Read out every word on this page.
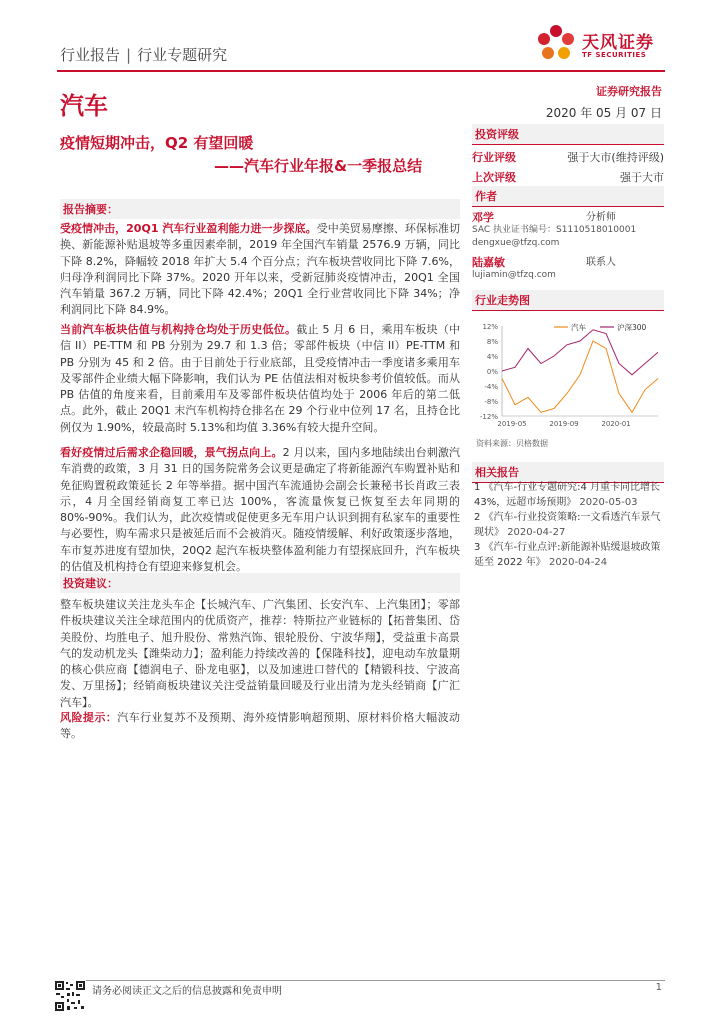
行业报告 | 行业专题研究
天风证券
TF SECURITIES
汽车
证券研究报告
2020 年 05 月 07 日
疫情短期冲击，Q2 有望回暖
——汽车行业年报&一季报总结
投资评级
行业评级	强于大市(维持评级)
上次评级	强于大市
作者
邓学	分析师
SAC 执业证书编号：S1110518010001
dengxue@tfzq.com
陆嘉敏	联系人
lujiamin@tfzq.com
行业走势图
12%
8%
4%
0%
-4%
-8%
-12%
2019-05	2019-09	2020-01
汽车	沪深300
资料来源：贝格数据
相关报告
1 《汽车-行业专题研究:4 月重卡同比增长 43%，远超市场预期》 2020-05-03
2 《汽车-行业投资策略:一文看透汽车景气现状》 2020-04-27
3 《汽车-行业点评:新能源补贴缓退坡政策延至 2022 年》 2020-04-24
报告摘要：
受疫情冲击，20Q1 汽车行业盈利能力进一步探底。受中美贸易摩擦、环保标准切换、新能源补贴退坡等多重因素牵制，2019 年全国汽车销量 2576.9 万辆，同比下降 8.2%，降幅较 2018 年扩大 5.4 个百分点；汽车板块营收同比下降 7.6%，归母净利润同比下降 37%。2020 开年以来，受新冠肺炎疫情冲击，20Q1 全国汽车销量 367.2 万辆，同比下降 42.4%；20Q1 全行业营收同比下降 34%；净利润同比下降 84.9%。
当前汽车板块估值与机构持仓均处于历史低位。截止 5 月 6 日，乘用车板块（中信 II）PE-TTM 和 PB 分别为 29.7 和 1.3 倍；零部件板块（中信 II）PE-TTM 和 PB 分别为 45 和 2 倍。由于目前处于行业底部，且受疫情冲击一季度诸多乘用车及零部件企业绩大幅下降影响，我们认为 PE 估值法相对板块参考价值较低。而从 PB 估值的角度来看，目前乘用车及零部件板块估值均处于 2006 年后的第二低点。此外，截止 20Q1 末汽车机构持仓排名在 29 个行业中位列 17 名，且持仓比例仅为 1.90%，较最高时 5.13%和均值 3.36%有较大提升空间。
看好疫情过后需求企稳回暖，景气拐点向上。2 月以来，国内多地陆续出台刺激汽车消费的政策，3 月 31 日的国务院常务会议更是确定了将新能源汽车购置补贴和免征购置税政策延长 2 年等举措。据中国汽车流通协会副会长兼秘书长肖政三表示，4 月全国经销商复工率已达 100%，客流量恢复已恢复至去年同期的 80%-90%。我们认为，此次疫情或促使更多无车用户认识到拥有私家车的重要性与必要性，购车需求只是被延后而不会被消灭。随疫情缓解、利好政策逐步落地，车市复苏进度有望加快，20Q2 起汽车板块整体盈利能力有望探底回升，汽车板块的估值及机构持仓有望迎来修复机会。
投资建议：
整车板块建议关注龙头车企【长城汽车、广汽集团、长安汽车、上汽集团】；零部件板块建议关注全球范围内的优质资产，推荐：特斯拉产业链标的【拓普集团、岱美股份、均胜电子、旭升股份、常熟汽饰、银轮股份、宁波华翔】，受益重卡高景气的发动机龙头【潍柴动力】；盈利能力持续改善的【保隆科技】，迎电动车放量期的核心供应商【德润电子、卧龙电驱】，以及加速进口替代的【精锻科技、宁波高发、万里扬】；经销商板块建议关注受益销量回暖及行业出清为龙头经销商【广汇汽车】。
风险提示：汽车行业复苏不及预期、海外疫情影响超预期、原材料价格大幅波动等。
请务必阅读正文之后的信息披露和免责申明	1
